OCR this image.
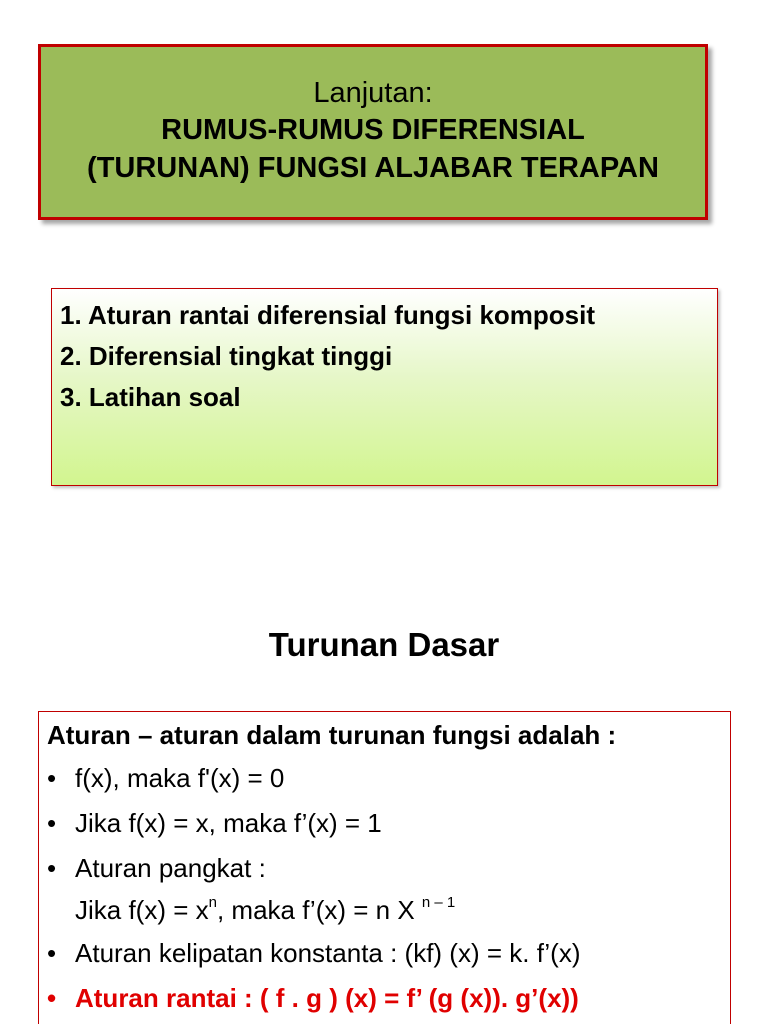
Lanjutan:
RUMUS-RUMUS DIFERENSIAL
(TURUNAN) FUNGSI ALJABAR TERAPAN
1. Aturan rantai diferensial fungsi komposit
2. Diferensial tingkat tinggi
3. Latihan soal
Turunan Dasar
Aturan – aturan dalam turunan fungsi adalah :
• f(x), maka f'(x) = 0
• Jika f(x) = x, maka f’(x) = 1
• Aturan pangkat :
Jika $f(x) = x^n$, maka f’(x) = n X $^{n - 1}$
• Aturan kelipatan konstanta : (kf) (x) = k. f’(x)
• Aturan rantai : ( f . g ) (x) = f’ (g (x)). g’(x))
